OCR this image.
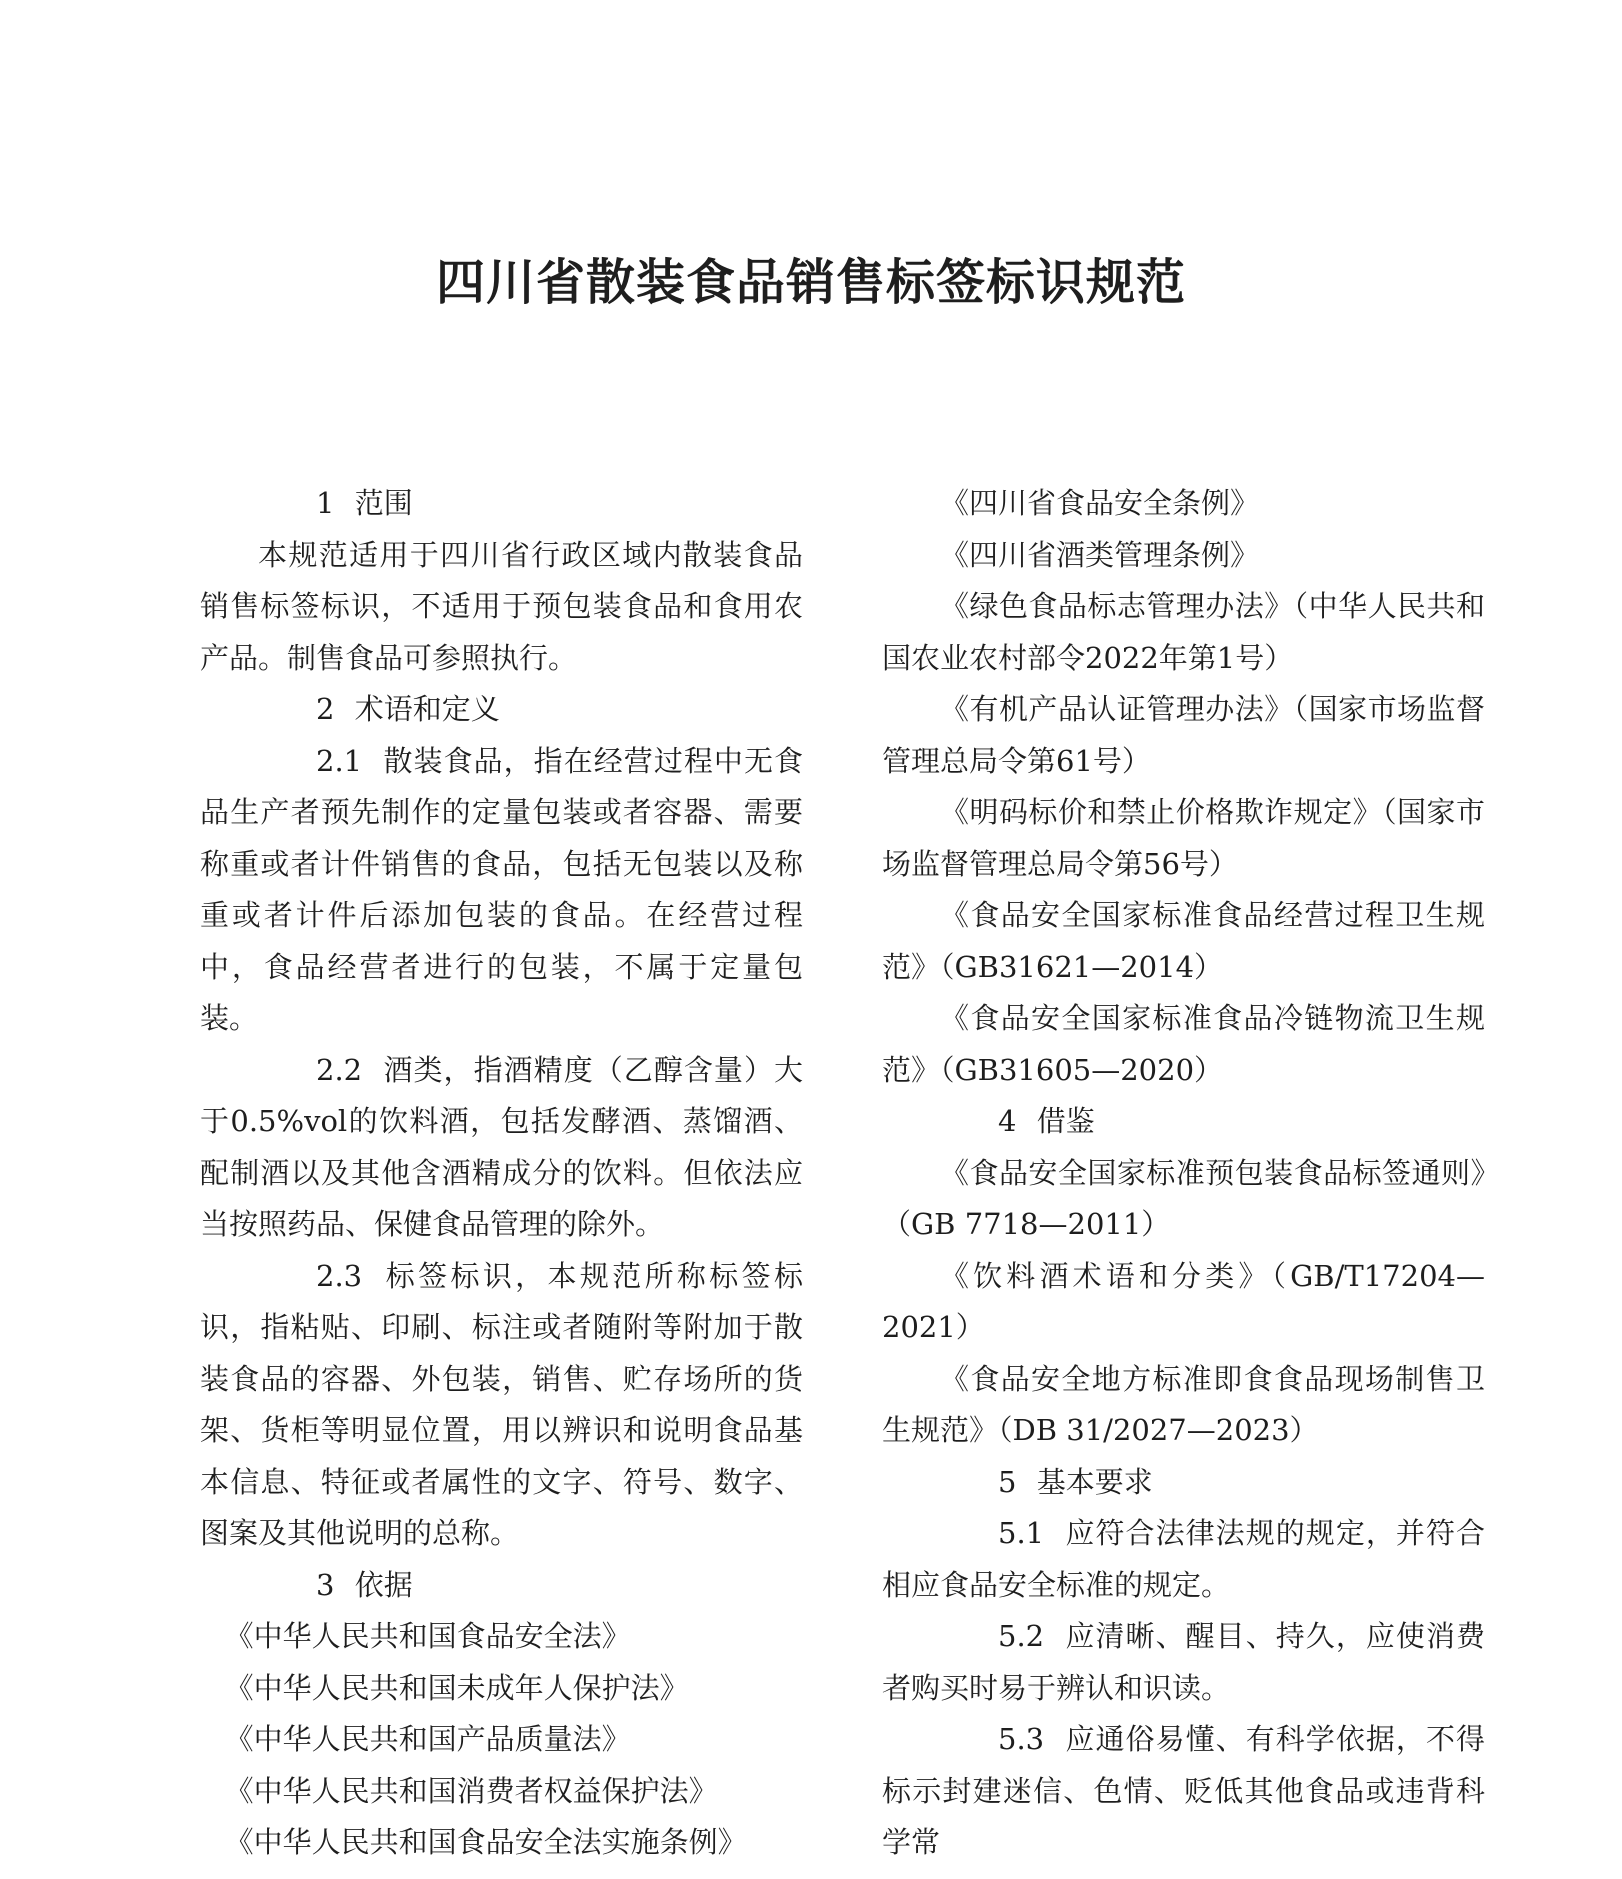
四川省散装食品销售标签标识规范

1 范围

本规范适用于四川省行政区域内散装食品销售标签标识，不适用于预包装食品和食用农产品。制售食品可参照执行。

2 术语和定义

2.1 散装食品，指在经营过程中无食品生产者预先制作的定量包装或者容器、需要称重或者计件销售的食品，包括无包装以及称重或者计件后添加包装的食品。在经营过程中，食品经营者进行的包装，不属于定量包装。

2.2 酒类，指酒精度（乙醇含量）大于0.5%vol的饮料酒，包括发酵酒、蒸馏酒、配制酒以及其他含酒精成分的饮料。但依法应当按照药品、保健食品管理的除外。

2.3 标签标识，本规范所称标签标识，指粘贴、印刷、标注或者随附等附加于散装食品的容器、外包装，销售、贮存场所的货架、货柜等明显位置，用以辨识和说明食品基本信息、特征或者属性的文字、符号、数字、图案及其他说明的总称。

3 依据

《中华人民共和国食品安全法》

《中华人民共和国未成年人保护法》

《中华人民共和国产品质量法》

《中华人民共和国消费者权益保护法》

《中华人民共和国食品安全法实施条例》

《四川省食品安全条例》

《四川省酒类管理条例》

《绿色食品标志管理办法》（中华人民共和国农业农村部令2022年第1号）

《有机产品认证管理办法》（国家市场监督管理总局令第61号）

《明码标价和禁止价格欺诈规定》（国家市场监督管理总局令第56号）

《食品安全国家标准食品经营过程卫生规范》（GB31621—2014）

《食品安全国家标准食品冷链物流卫生规范》（GB31605—2020）

4 借鉴

《食品安全国家标准预包装食品标签通则》（GB 7718—2011）

《饮料酒术语和分类》（GB/T17204—2021）

《食品安全地方标准即食食品现场制售卫生规范》（DB 31/2027—2023）

5 基本要求

5.1 应符合法律法规的规定，并符合相应食品安全标准的规定。

5.2 应清晰、醒目、持久，应使消费者购买时易于辨认和识读。

5.3 应通俗易懂、有科学依据，不得标示封建迷信、色情、贬低其他食品或违背科学常
